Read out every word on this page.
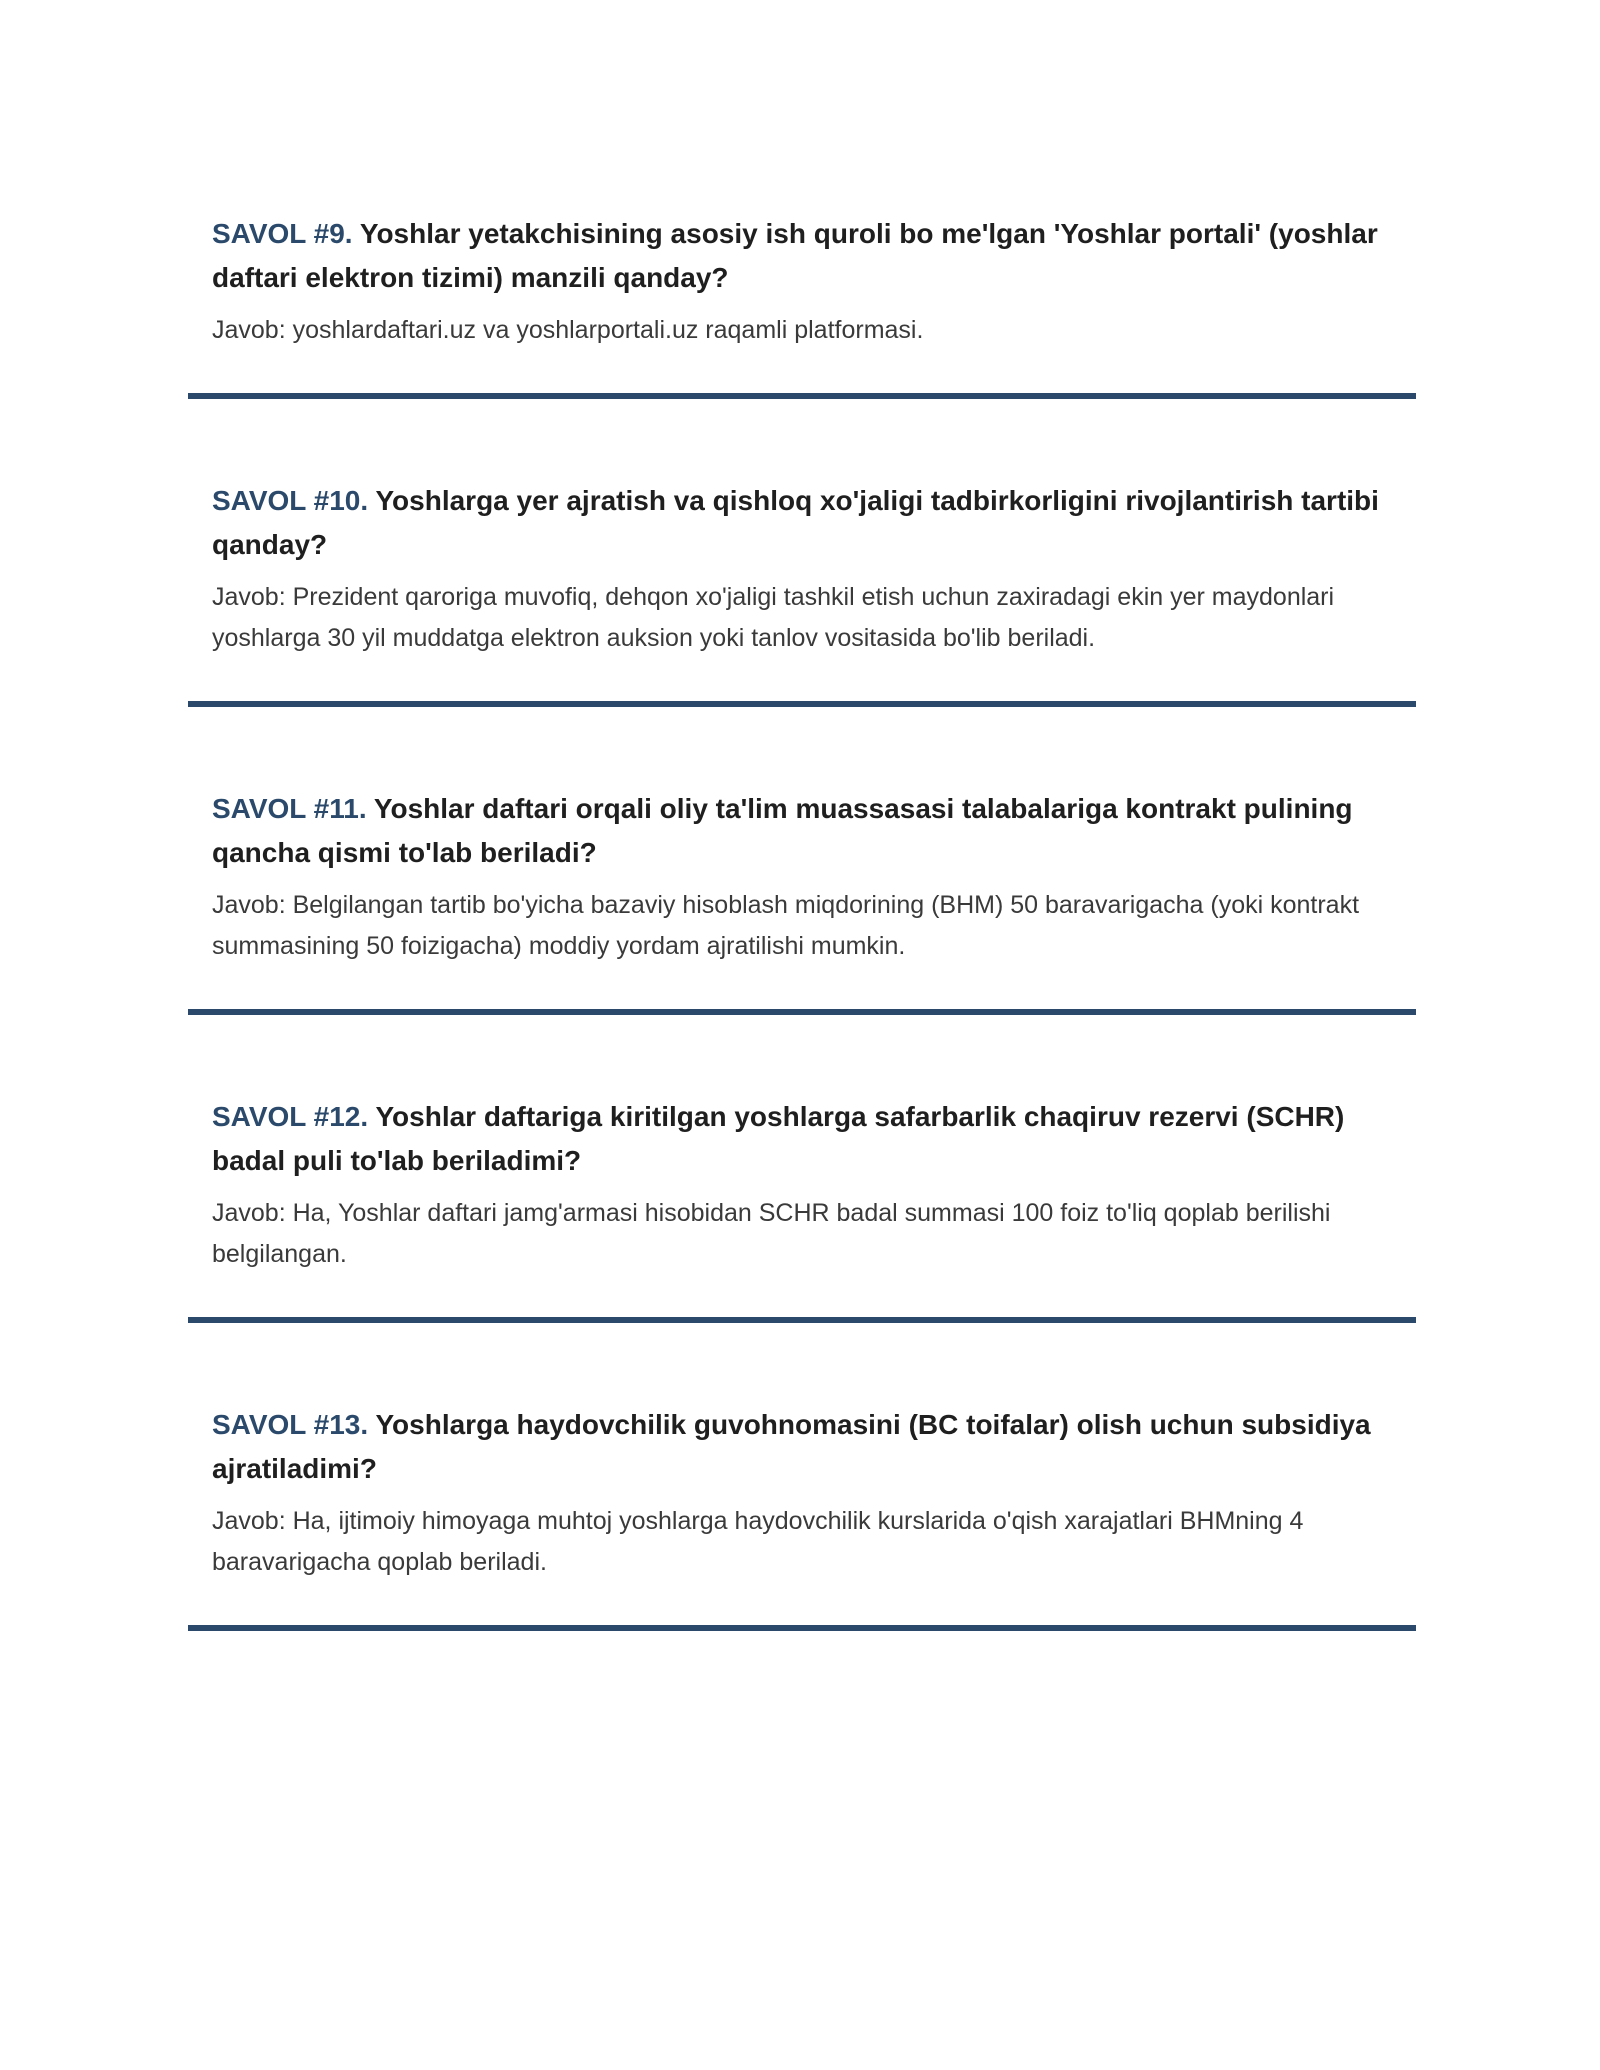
SAVOL #9. Yoshlar yetakchisining asosiy ish quroli bo me'lgan 'Yoshlar portali' (yoshlar daftari elektron tizimi) manzili qanday?

Javob: yoshlardaftari.uz va yoshlarportali.uz raqamli platformasi.

SAVOL #10. Yoshlarga yer ajratish va qishloq xo'jaligi tadbirkorligini rivojlantirish tartibi qanday?

Javob: Prezident qaroriga muvofiq, dehqon xo'jaligi tashkil etish uchun zaxiradagi ekin yer maydonlari yoshlarga 30 yil muddatga elektron auksion yoki tanlov vositasida bo'lib beriladi.

SAVOL #11. Yoshlar daftari orqali oliy ta'lim muassasasi talabalariga kontrakt pulining qancha qismi to'lab beriladi?

Javob: Belgilangan tartib bo'yicha bazaviy hisoblash miqdorining (BHM) 50 baravarigacha (yoki kontrakt summasining 50 foizigacha) moddiy yordam ajratilishi mumkin.

SAVOL #12. Yoshlar daftariga kiritilgan yoshlarga safarbarlik chaqiruv rezervi (SCHR) badal puli to'lab beriladimi?

Javob: Ha, Yoshlar daftari jamg'armasi hisobidan SCHR badal summasi 100 foiz to'liq qoplab berilishi belgilangan.

SAVOL #13. Yoshlarga haydovchilik guvohnomasini (BC toifalar) olish uchun subsidiya ajratiladimi?

Javob: Ha, ijtimoiy himoyaga muhtoj yoshlarga haydovchilik kurslarida o'qish xarajatlari BHMning 4 baravarigacha qoplab beriladi.
